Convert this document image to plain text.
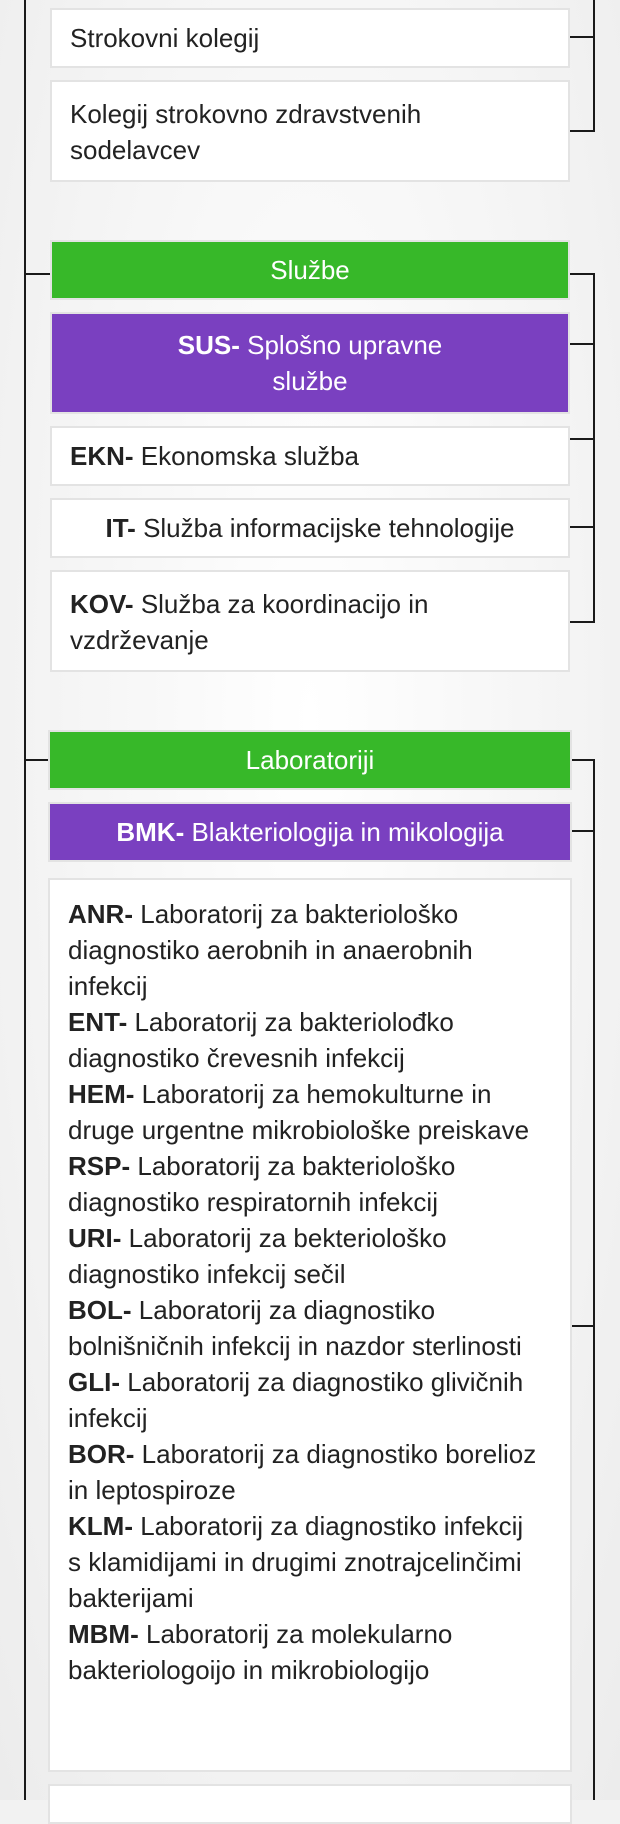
Strokovni kolegij
Kolegij strokovno zdravstvenih sodelavcev
Službe
SUS- Splošno upravne službe
EKN- Ekonomska služba
IT- Služba informacijske tehnologije
KOV- Služba za koordinacijo in vzdrževanje
Laboratoriji
BMK- Blakteriologija in mikologija
ANR- Laboratorij za bakteriološko diagnostiko aerobnih in anaerobnih infekcij
ENT- Laboratorij za bakteriolođko diagnostiko črevesnih infekcij
HEM- Laboratorij za hemokulturne in druge urgentne mikrobiološke preiskave
RSP- Laboratorij za bakteriološko diagnostiko respiratornih infekcij
URI- Laboratorij za bekteriološko diagnostiko infekcij sečil
BOL- Laboratorij za diagnostiko bolnišničnih infekcij in nazdor sterlinosti
GLI- Laboratorij za diagnostiko glivičnih infekcij
BOR- Laboratorij za diagnostiko borelioz in leptospiroze
KLM- Laboratorij za diagnostiko infekcij s klamidijami in drugimi znotrajcelinčimi bakterijami
MBM- Laboratorij za molekularno bakteriologoijo in mikrobiologijo
